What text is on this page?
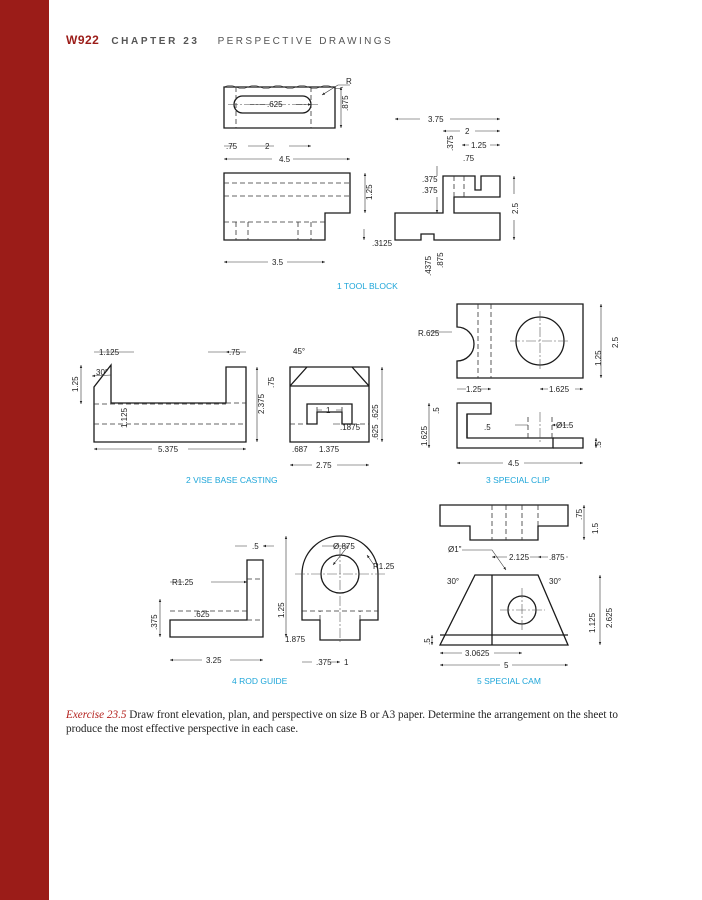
W922 CHAPTER 23 PERSPECTIVE DRAWINGS
R
.625	.875
.75	2
4.5
1.25
3.5
3.75
2
1.25
.375
.75
.375
.375
2.5
.3125
.4375 .875
1 TOOL BLOCK
1.125	.75
30°
1.25
1.125
2.375
.75
5.375
45°
1
.1875 .625
.625
.687 1.375
2.75
2 VISE BASE CASTING
R.625
1.25
2.5
1.25
1.625
.5
1.625	.5	Ø1.5
.5
4.5
3 SPECIAL CLIP
.5
R1.25
.625
.375
3.25
Ø.875
R1.25
1.25
1.875
.375 1
4 ROD GUIDE
.75
1.5
Ø1"
2.125 .875
30°	30°
2.625
1.125
.5
3.0625
5
5 SPECIAL CAM

Exercise 23.5 Draw front elevation, plan, and perspective on size B or A3 paper. Determine the arrangement on the sheet to produce the most effective perspective in each case.
